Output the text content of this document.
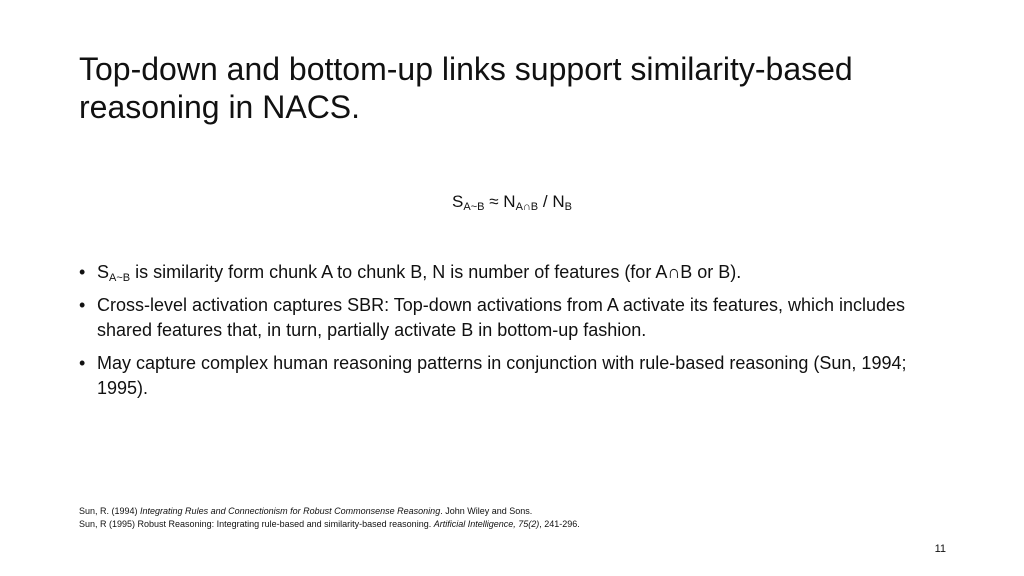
Top-down and bottom-up links support similarity-based reasoning in NACS.
$S_{A\sim B} \approx N_{A\cap B} / N_B$
• $S_{A\sim B}$ is similarity form chunk A to chunk B, N is number of features (for A∩B or B).
• Cross-level activation captures SBR: Top-down activations from A activate its features, which includes shared features that, in turn, partially activate B in bottom-up fashion.
• May capture complex human reasoning patterns in conjunction with rule-based reasoning (Sun, 1994; 1995).
Sun, R. (1994) Integrating Rules and Connectionism for Robust Commonsense Reasoning. John Wiley and Sons.
Sun, R (1995) Robust Reasoning: Integrating rule-based and similarity-based reasoning. Artificial Intelligence, 75(2), 241-296.
11
